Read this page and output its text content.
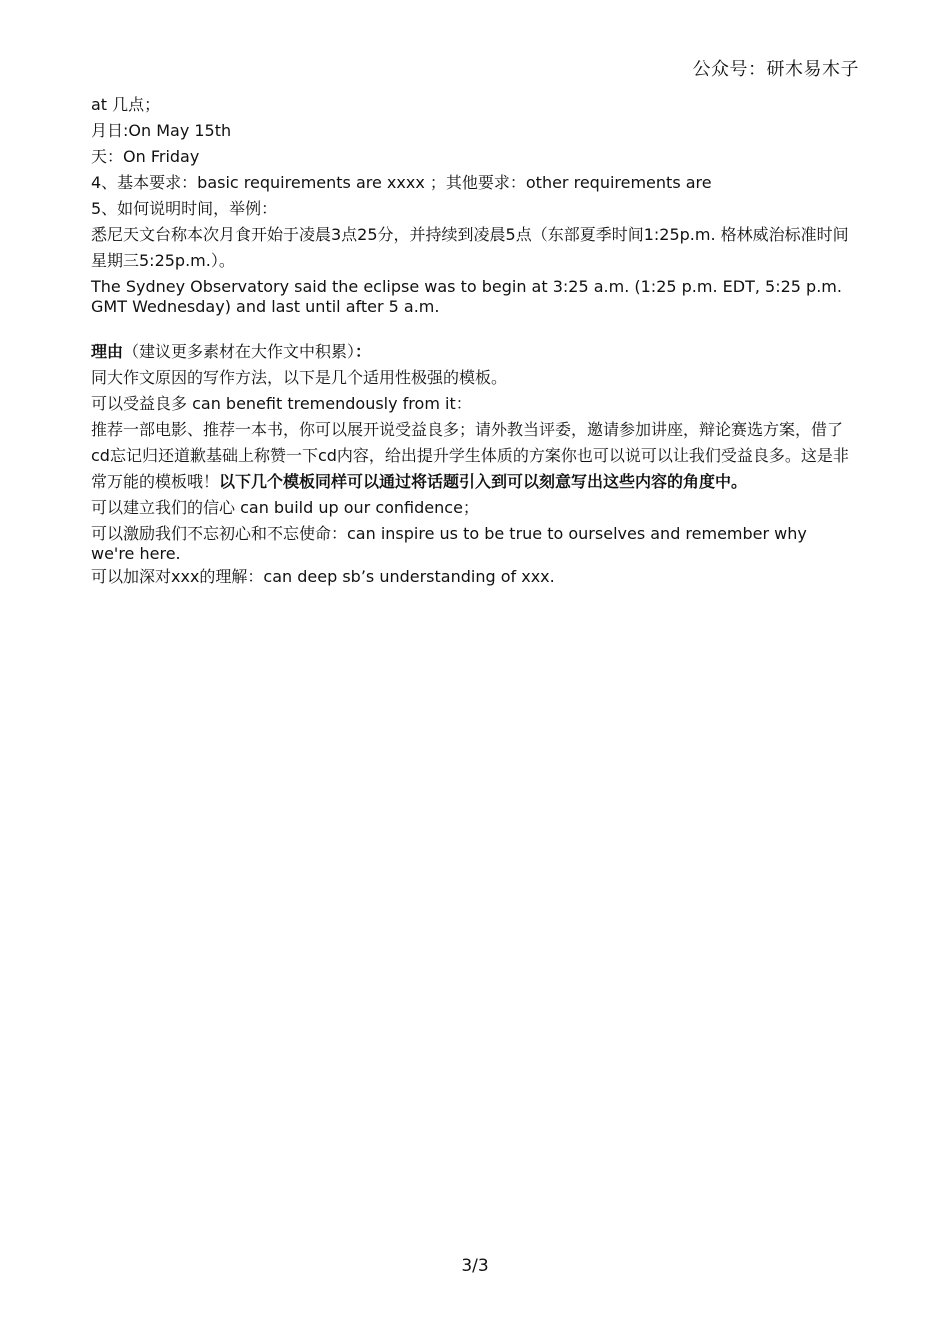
公众号：研木易木子

at 几点；

月日:On May 15th

天：On Friday

4、基本要求：basic requirements are xxxx ；其他要求：other requirements are

5、如何说明时间，举例：

悉尼天文台称本次月食开始于凌晨3点25分，并持续到凌晨5点（东部夏季时间1:25p.m. 格林威治标准时间星期三5:25p.m.）。

The Sydney Observatory said the eclipse was to begin at 3:25 a.m. (1:25 p.m. EDT, 5:25 p.m.

GMT Wednesday) and last until after 5 a.m.

理由（建议更多素材在大作文中积累）：

同大作文原因的写作方法，以下是几个适用性极强的模板。

可以受益良多 can benefit tremendously from it：

推荐一部电影、推荐一本书，你可以展开说受益良多；请外教当评委，邀请参加讲座，辩论赛选方案，借了cd忘记归还道歉基础上称赞一下cd内容，给出提升学生体质的方案你也可以说可以让我们受益良多。这是非常万能的模板哦！以下几个模板同样可以通过将话题引入到可以刻意写出这些内容的角度中。

可以建立我们的信心 can build up our confidence；

可以激励我们不忘初心和不忘使命：can inspire us to be true to ourselves and remember why

we're here.

可以加深对xxx的理解：can deep sb’s understanding of xxx.

3/3
